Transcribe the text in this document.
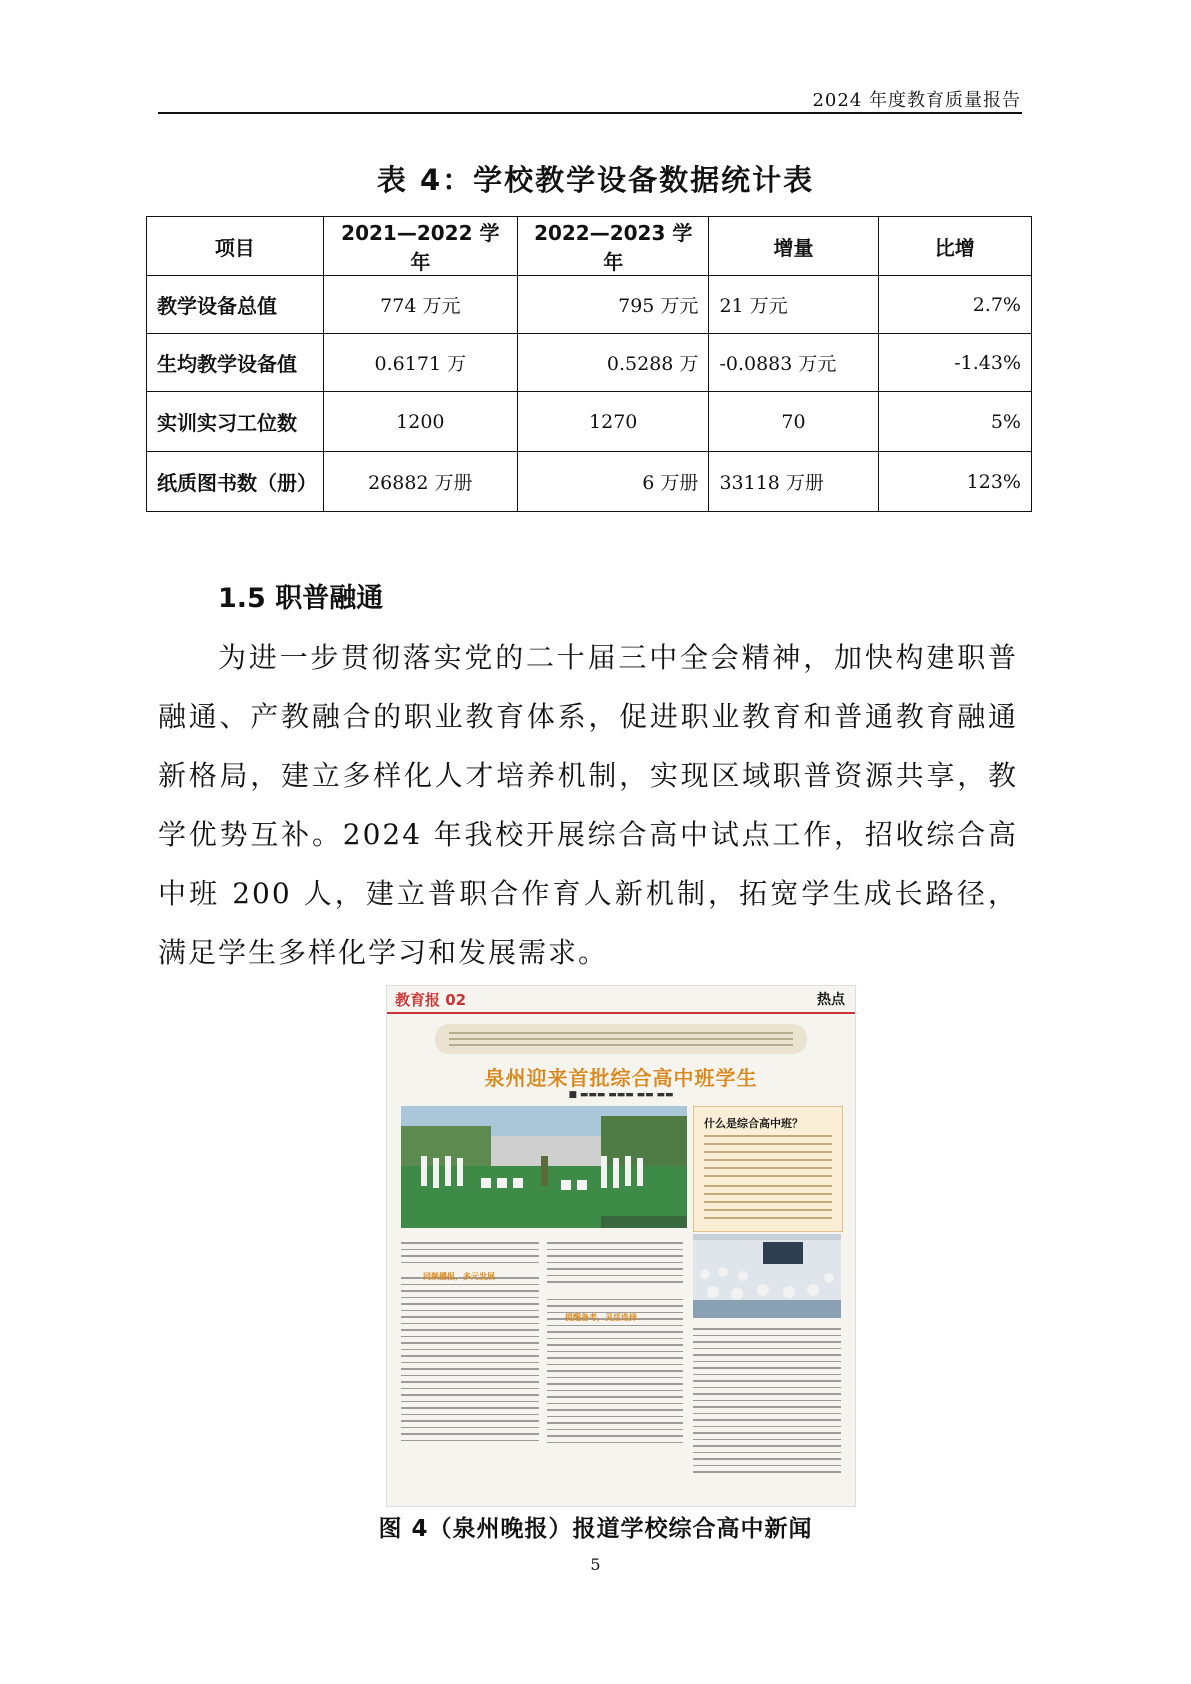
2024 年度教育质量报告
表 4：学校教学设备数据统计表
项目	2021—2022 学年	2022—2023 学年	增量	比增
教学设备总值	774 万元	795 万元	21 万元	2.7%
生均教学设备值	0.6171 万	0.5288 万	-0.0883 万元	-1.43%
实训实习工位数	1200	1270	70	5%
纸质图书数（册）	26882 万册	6 万册	33118 万册	123%
1.5 职普融通
为进一步贯彻落实党的二十届三中全会精神，加快构建职普融通、产教融合的职业教育体系，促进职业教育和普通教育融通新格局，建立多样化人才培养机制，实现区域职普资源共享，教学优势互补。2024 年我校开展综合高中试点工作，招收综合高中班 200 人，建立普职合作育人新机制，拓宽学生成长路径，满足学生多样化学习和发展需求。
教育报 02	热点
泉州迎来首批综合高中班学生
■ ▬▬▬ ▬▬▬ ▬▬ ▬▬
什么是综合高中班？
同频播报，多元发展
提醒备考，灵活选择
图 4（泉州晚报）报道学校综合高中新闻
5
